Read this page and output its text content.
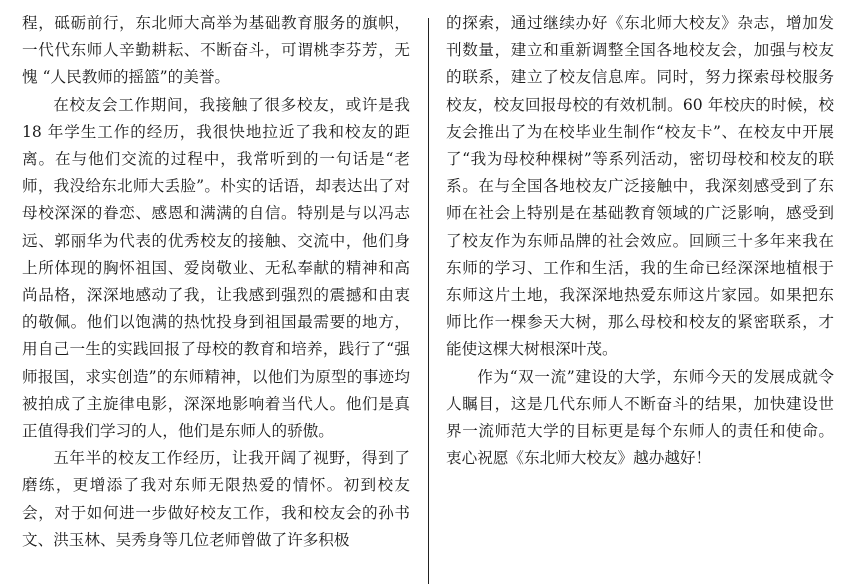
程，砥砺前行，东北师大高举为基础教育服务的旗帜，一代代东师人辛勤耕耘、不断奋斗，可谓桃李芬芳，无愧 “人民教师的摇篮”的美誉。

在校友会工作期间，我接触了很多校友，或许是我 18 年学生工作的经历，我很快地拉近了我和校友的距离。在与他们交流的过程中，我常听到的一句话是“老师，我没给东北师大丢脸”。朴实的话语，却表达出了对母校深深的眷恋、感恩和满满的自信。特别是与以冯志远、郭丽华为代表的优秀校友的接触、交流中，他们身上所体现的胸怀祖国、爱岗敬业、无私奉献的精神和高尚品格，深深地感动了我，让我感到强烈的震撼和由衷的敬佩。他们以饱满的热忱投身到祖国最需要的地方，用自己一生的实践回报了母校的教育和培养，践行了“强师报国，求实创造”的东师精神，以他们为原型的事迹均被拍成了主旋律电影，深深地影响着当代人。他们是真正值得我们学习的人，他们是东师人的骄傲。

五年半的校友工作经历，让我开阔了视野，得到了磨练，更增添了我对东师无限热爱的情怀。初到校友会，对于如何进一步做好校友工作，我和校友会的孙书文、洪玉林、吴秀身等几位老师曾做了许多积极

的探索，通过继续办好《东北师大校友》杂志，增加发刊数量，建立和重新调整全国各地校友会，加强与校友的联系，建立了校友信息库。同时，努力探索母校服务校友，校友回报母校的有效机制。60 年校庆的时候，校友会推出了为在校毕业生制作“校友卡”、在校友中开展了“我为母校种棵树”等系列活动，密切母校和校友的联系。在与全国各地校友广泛接触中，我深刻感受到了东师在社会上特别是在基础教育领域的广泛影响，感受到了校友作为东师品牌的社会效应。回顾三十多年来我在东师的学习、工作和生活，我的生命已经深深地植根于东师这片土地，我深深地热爱东师这片家园。如果把东师比作一棵参天大树，那么母校和校友的紧密联系，才能使这棵大树根深叶茂。

作为“双一流”建设的大学，东师今天的发展成就令人瞩目，这是几代东师人不断奋斗的结果，加快建设世界一流师范大学的目标更是每个东师人的责任和使命。衷心祝愿《东北师大校友》越办越好！
